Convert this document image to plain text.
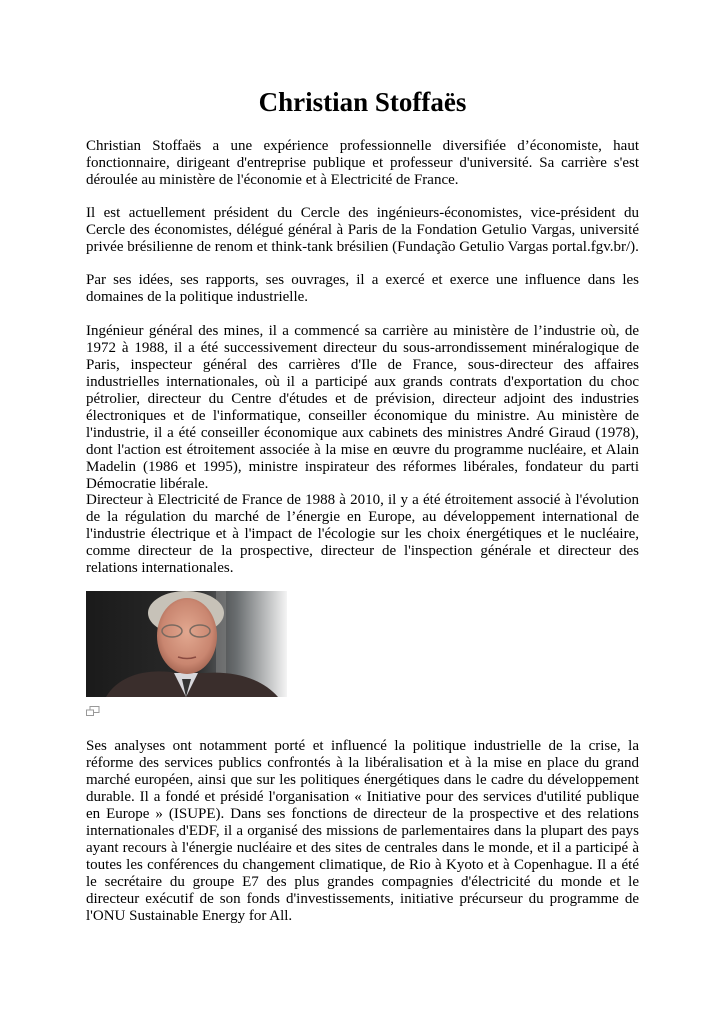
Christian Stoffaës

Christian Stoffaës a une expérience professionnelle diversifiée d’économiste, haut fonctionnaire, dirigeant d'entreprise publique et professeur d'université. Sa carrière s'est déroulée au ministère de l'économie et à Electricité de France.

Il est actuellement président du Cercle des ingénieurs-économistes, vice-président du Cercle des économistes, délégué général à Paris de la Fondation Getulio Vargas, université privée brésilienne de renom et think-tank brésilien (Fundação Getulio Vargas portal.fgv.br/).

Par ses idées, ses rapports, ses ouvrages, il a exercé et exerce une influence dans les domaines de la politique industrielle.

Ingénieur général des mines, il a commencé sa carrière au ministère de l’industrie où, de 1972 à 1988, il a été successivement directeur du sous-arrondissement minéralogique de Paris, inspecteur général des carrières d'Ile de France, sous-directeur des affaires industrielles internationales, où il a participé aux grands contrats d'exportation du choc pétrolier, directeur du Centre d'études et de prévision, directeur adjoint des industries électroniques et de l'informatique, conseiller économique du ministre. Au ministère de l'industrie, il a été conseiller économique aux cabinets des ministres André Giraud (1978), dont l'action est étroitement associée à la mise en œuvre du programme nucléaire, et Alain Madelin (1986 et 1995), ministre inspirateur des réformes libérales, fondateur du parti Démocratie libérale.

Directeur à Electricité de France de 1988 à 2010, il y a été étroitement associé à l'évolution de la régulation du marché de l’énergie en Europe, au développement international de l'industrie électrique et à l'impact de l'écologie sur les choix énergétiques et le nucléaire, comme directeur de la prospective, directeur de l'inspection générale et directeur des relations internationales.

Ses analyses ont notamment porté et influencé la politique industrielle de la crise, la réforme des services publics confrontés à la libéralisation et à la mise en place du grand marché européen, ainsi que sur les politiques énergétiques dans le cadre du développement durable. Il a fondé et présidé l'organisation « Initiative pour des services d'utilité publique en Europe » (ISUPE). Dans ses fonctions de directeur de la prospective et des relations internationales d'EDF, il a organisé des missions de parlementaires dans la plupart des pays ayant recours à l'énergie nucléaire et des sites de centrales dans le monde, et il a participé à toutes les conférences du changement climatique, de Rio à Kyoto et à Copenhague. Il a été le secrétaire du groupe E7 des plus grandes compagnies d'électricité du monde et le directeur exécutif de son fonds d'investissements, initiative précurseur du programme de l'ONU Sustainable Energy for All.
